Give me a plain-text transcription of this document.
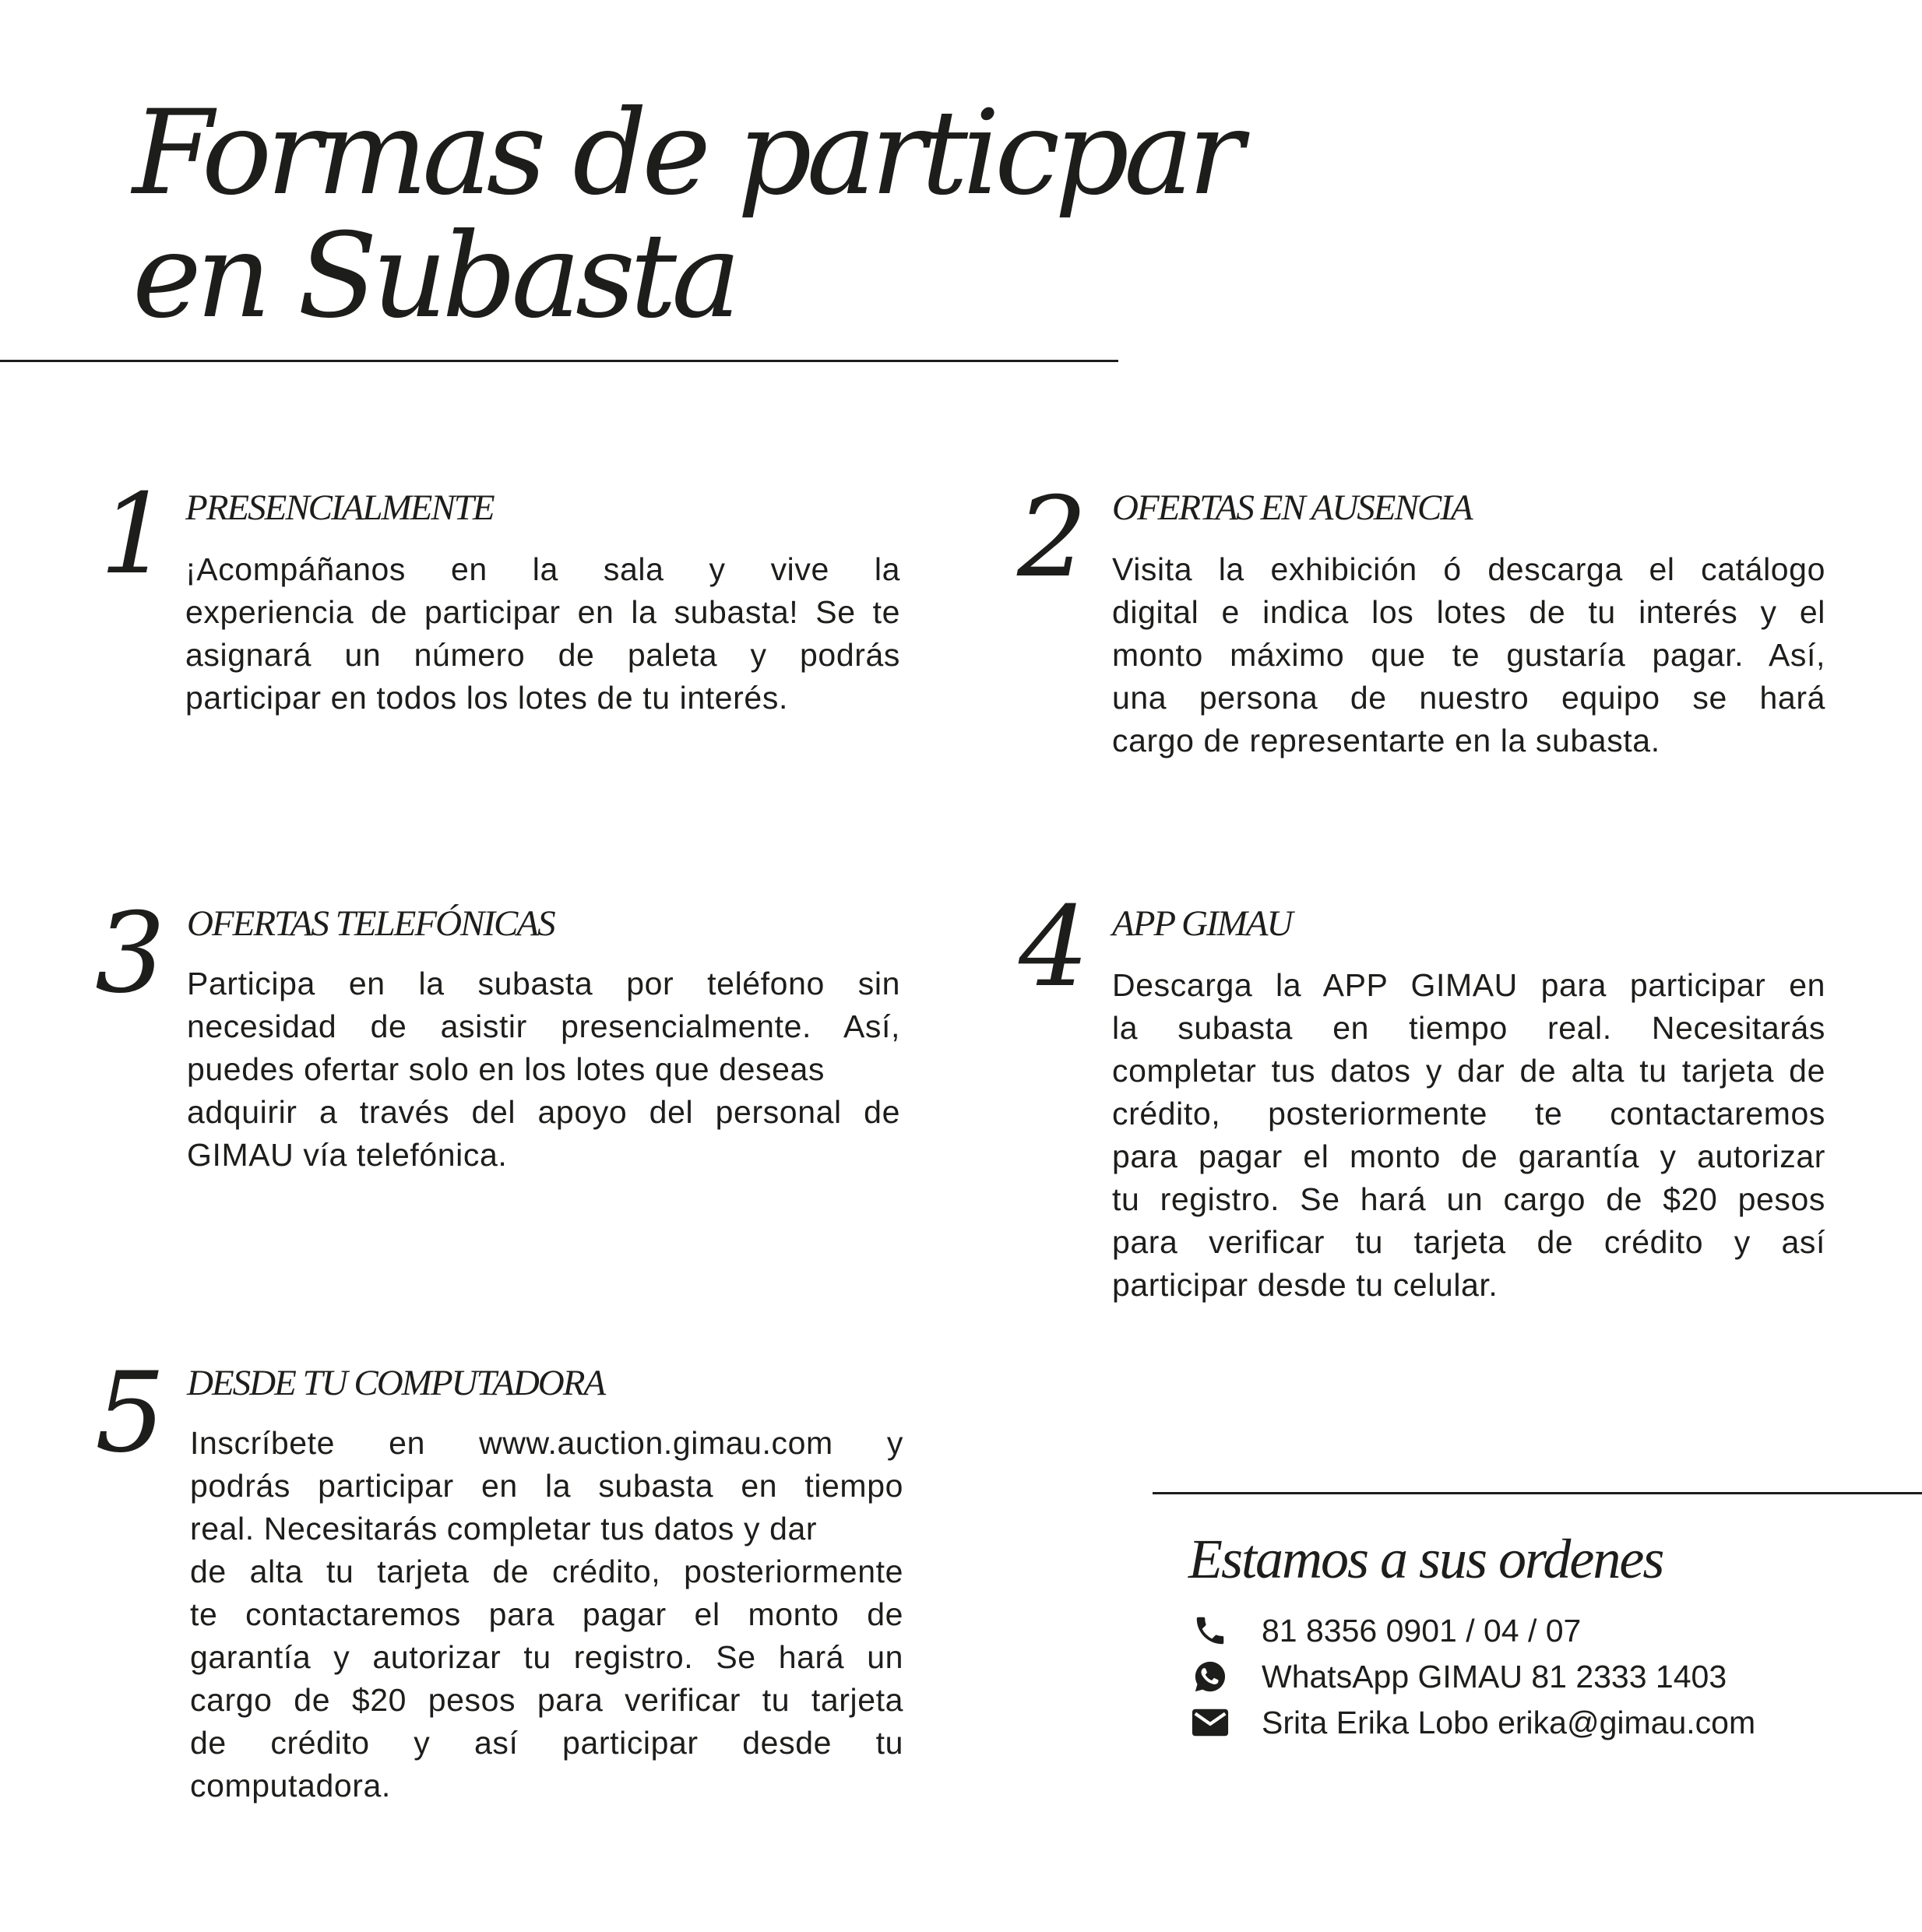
Formas de particpar
en Subasta
1 PRESENCIALMENTE
¡Acompáñanos en la sala y vive la
experiencia de participar en la subasta! Se te
asignará un número de paleta y podrás
participar en todos los lotes de tu interés.
2 OFERTAS EN AUSENCIA
Visita la exhibición ó descarga el catálogo
digital e indica los lotes de tu interés y el
monto máximo que te gustaría pagar. Así,
una persona de nuestro equipo se hará
cargo de representarte en la subasta.
3 OFERTAS TELEFÓNICAS
Participa en la subasta por teléfono sin
necesidad de asistir presencialmente. Así,
puedes ofertar solo en los lotes que deseas
adquirir a través del apoyo del personal de
GIMAU vía telefónica.
4 APP GIMAU
Descarga la APP GIMAU para participar en
la subasta en tiempo real. Necesitarás
completar tus datos y dar de alta tu tarjeta de
crédito, posteriormente te contactaremos
para pagar el monto de garantía y autorizar
tu registro. Se hará un cargo de $20 pesos
para verificar tu tarjeta de crédito y así
participar desde tu celular.
5 DESDE TU COMPUTADORA
Inscríbete en www.auction.gimau.com y
podrás participar en la subasta en tiempo
real. Necesitarás completar tus datos y dar
de alta tu tarjeta de crédito, posteriormente
te contactaremos para pagar el monto de
garantía y autorizar tu registro. Se hará un
cargo de $20 pesos para verificar tu tarjeta
de crédito y así participar desde tu
computadora.
Estamos a sus ordenes
81 8356 0901 / 04 / 07
WhatsApp GIMAU 81 2333 1403
Srita Erika Lobo erika@gimau.com
